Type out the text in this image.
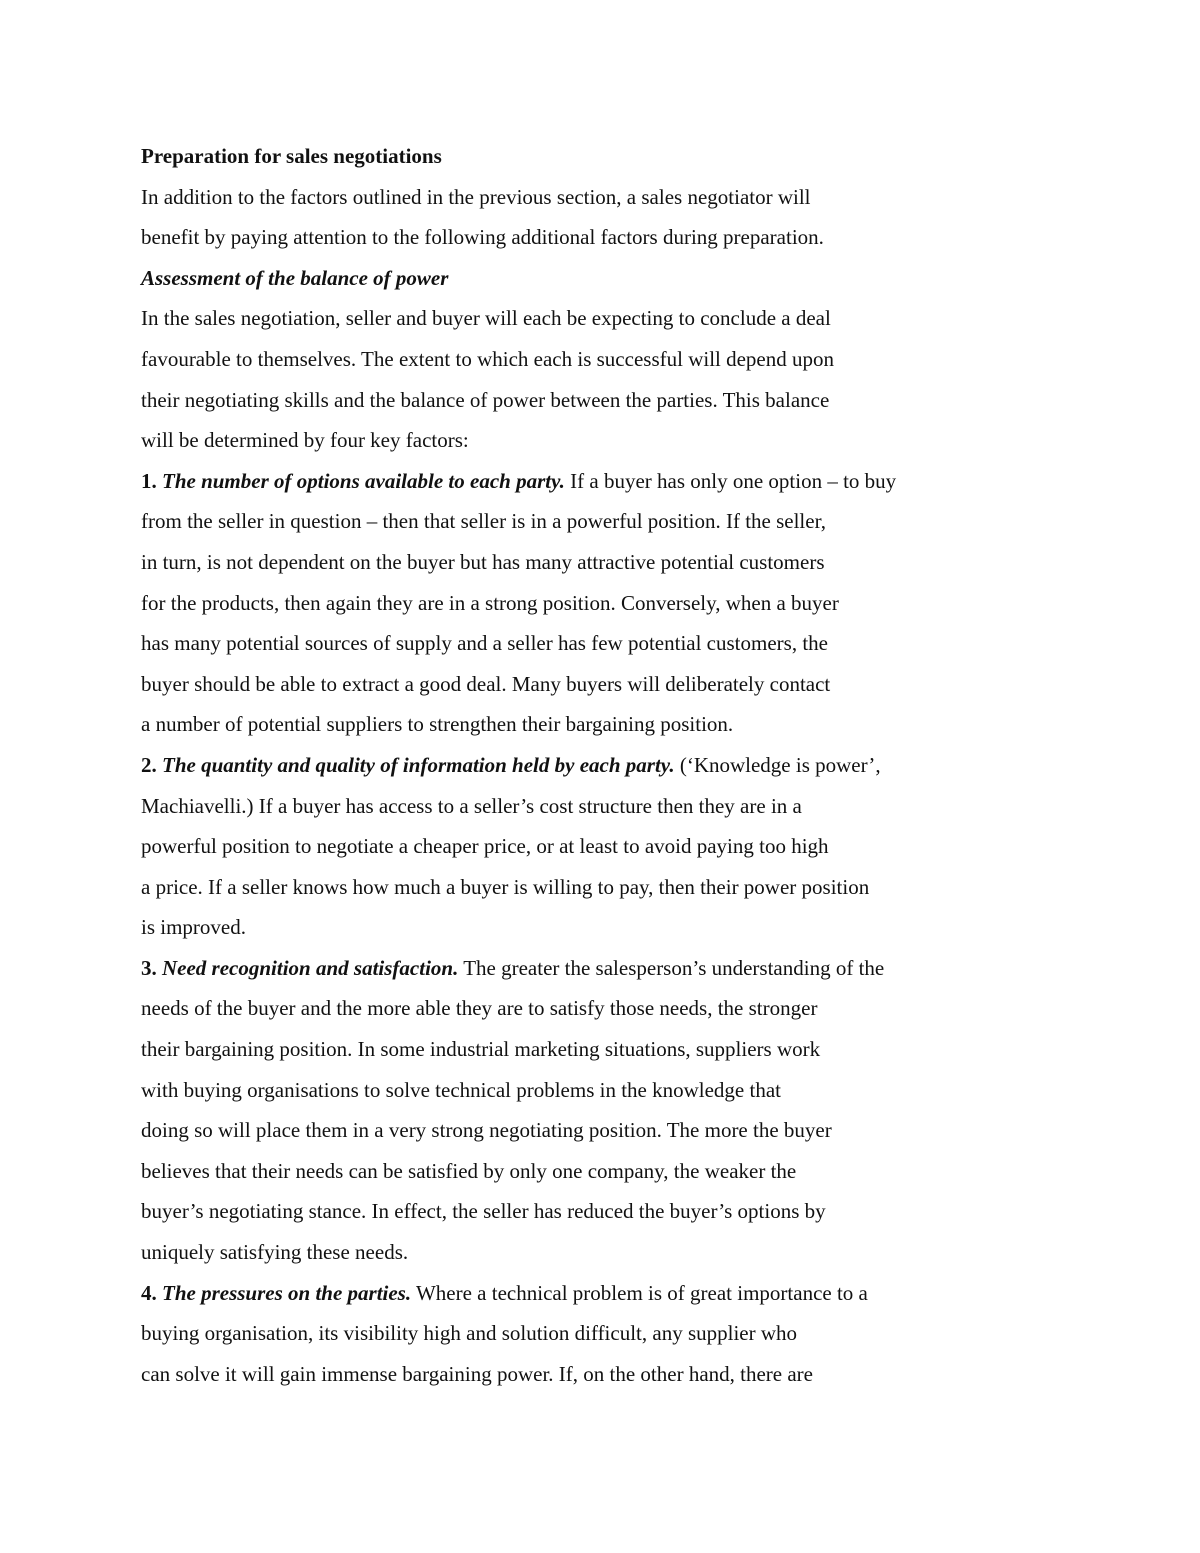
Preparation for sales negotiations
In addition to the factors outlined in the previous section, a sales negotiator will
benefit by paying attention to the following additional factors during preparation.
Assessment of the balance of power
In the sales negotiation, seller and buyer will each be expecting to conclude a deal
favourable to themselves. The extent to which each is successful will depend upon
their negotiating skills and the balance of power between the parties. This balance
will be determined by four key factors:
1. The number of options available to each party. If a buyer has only one option – to buy
from the seller in question – then that seller is in a powerful position. If the seller,
in turn, is not dependent on the buyer but has many attractive potential customers
for the products, then again they are in a strong position. Conversely, when a buyer
has many potential sources of supply and a seller has few potential customers, the
buyer should be able to extract a good deal. Many buyers will deliberately contact
a number of potential suppliers to strengthen their bargaining position.
2. The quantity and quality of information held by each party. (‘Knowledge is power’,
Machiavelli.) If a buyer has access to a seller’s cost structure then they are in a
powerful position to negotiate a cheaper price, or at least to avoid paying too high
a price. If a seller knows how much a buyer is willing to pay, then their power position
is improved.
3. Need recognition and satisfaction. The greater the salesperson’s understanding of the
needs of the buyer and the more able they are to satisfy those needs, the stronger
their bargaining position. In some industrial marketing situations, suppliers work
with buying organisations to solve technical problems in the knowledge that
doing so will place them in a very strong negotiating position. The more the buyer
believes that their needs can be satisfied by only one company, the weaker the
buyer’s negotiating stance. In effect, the seller has reduced the buyer’s options by
uniquely satisfying these needs.
4. The pressures on the parties. Where a technical problem is of great importance to a
buying organisation, its visibility high and solution difficult, any supplier who
can solve it will gain immense bargaining power. If, on the other hand, there are
